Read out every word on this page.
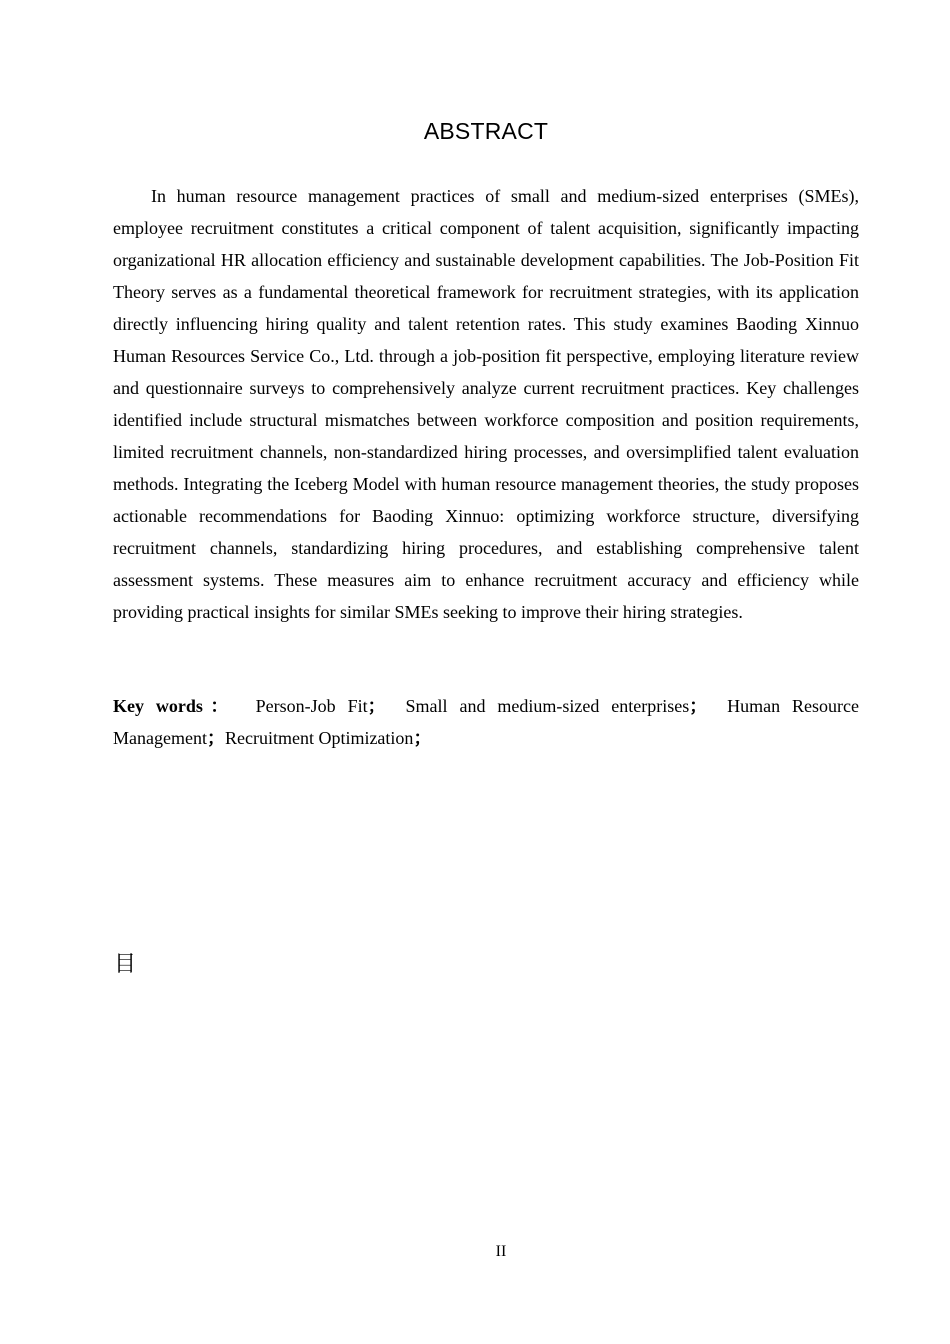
ABSTRACT

In human resource management practices of small and medium-sized enterprises (SMEs), employee recruitment constitutes a critical component of talent acquisition, significantly impacting organizational HR allocation efficiency and sustainable development capabilities. The Job-Position Fit Theory serves as a fundamental theoretical framework for recruitment strategies, with its application directly influencing hiring quality and talent retention rates. This study examines Baoding Xinnuo Human Resources Service Co., Ltd. through a job-position fit perspective, employing literature review and questionnaire surveys to comprehensively analyze current recruitment practices. Key challenges identified include structural mismatches between workforce composition and position requirements, limited recruitment channels, non-standardized hiring processes, and oversimplified talent evaluation methods. Integrating the Iceberg Model with human resource management theories, the study proposes actionable recommendations for Baoding Xinnuo: optimizing workforce structure, diversifying recruitment channels, standardizing hiring procedures, and establishing comprehensive talent assessment systems. These measures aim to enhance recruitment accuracy and efficiency while providing practical insights for similar SMEs seeking to improve their hiring strategies.

Key words： Person-Job Fit； Small and medium-sized enterprises； Human Resource Management；Recruitment Optimization；

目
II
